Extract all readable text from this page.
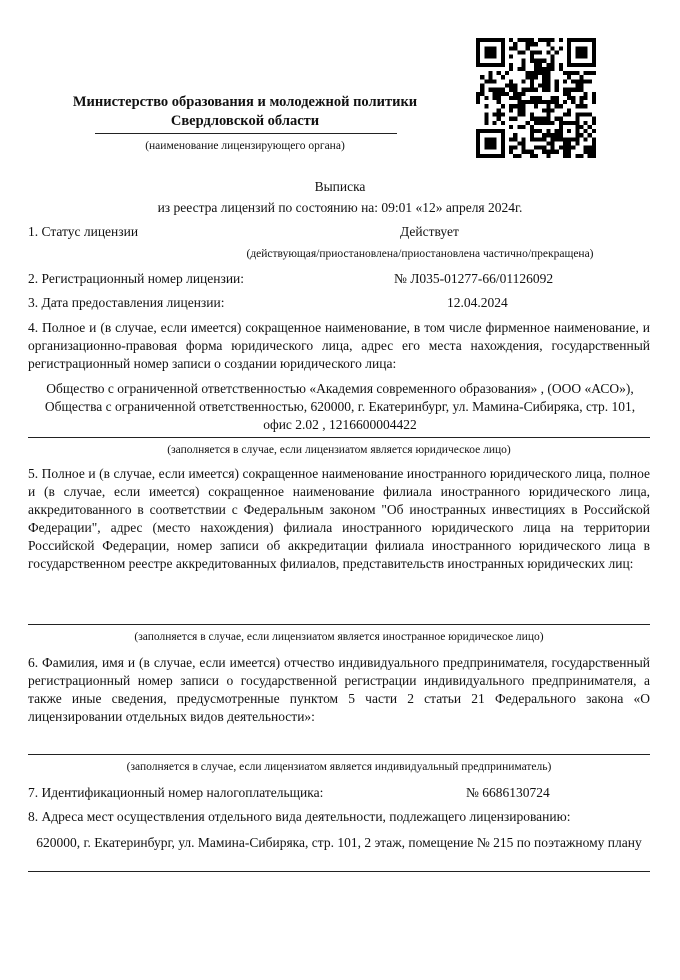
Министерство образования и молодежной политики
Свердловской области
(наименование лицензирующего органа)
Выписка
из реестра лицензий по состоянию на: 09:01 «12» апреля 2024г.
1. Статус лицензии	Действует
(действующая/приостановлена/приостановлена частично/прекращена)
2. Регистрационный номер лицензии:	№ Л035-01277-66/01126092
3. Дата предоставления лицензии:	12.04.2024
4. Полное и (в случае, если имеется) сокращенное наименование, в том числе фирменное наименование, и организационно-правовая форма юридического лица, адрес его места нахождения, государственный регистрационный номер записи о создании юридического лица:
Общество с ограниченной ответственностью «Академия современного образования» , (ООО «АСО»), Общества с ограниченной ответственностью, 620000, г. Екатеринбург, ул. Мамина-Сибиряка, стр. 101, офис 2.02 , 1216600004422
(заполняется в случае, если лицензиатом является юридическое лицо)
5. Полное и (в случае, если имеется) сокращенное наименование иностранного юридического лица, полное и (в случае, если имеется) сокращенное наименование филиала иностранного юридического лица, аккредитованного в соответствии с Федеральным законом "Об иностранных инвестициях в Российской Федерации", адрес (место нахождения) филиала иностранного юридического лица на территории Российской Федерации, номер записи об аккредитации филиала иностранного юридического лица в государственном реестре аккредитованных филиалов, представительств иностранных юридических лиц:
(заполняется в случае, если лицензиатом является иностранное юридическое лицо)
6. Фамилия, имя и (в случае, если имеется) отчество индивидуального предпринимателя, государственный регистрационный номер записи о государственной регистрации индивидуального предпринимателя, а также иные сведения, предусмотренные пунктом 5 части 2 статьи 21 Федерального закона «О лицензировании отдельных видов деятельности»:
(заполняется в случае, если лицензиатом является индивидуальный предприниматель)
7. Идентификационный номер налогоплательщика:	№ 6686130724
8. Адреса мест осуществления отдельного вида деятельности, подлежащего лицензированию:
620000, г. Екатеринбург, ул. Мамина-Сибиряка, стр. 101, 2 этаж, помещение № 215 по поэтажному плану
